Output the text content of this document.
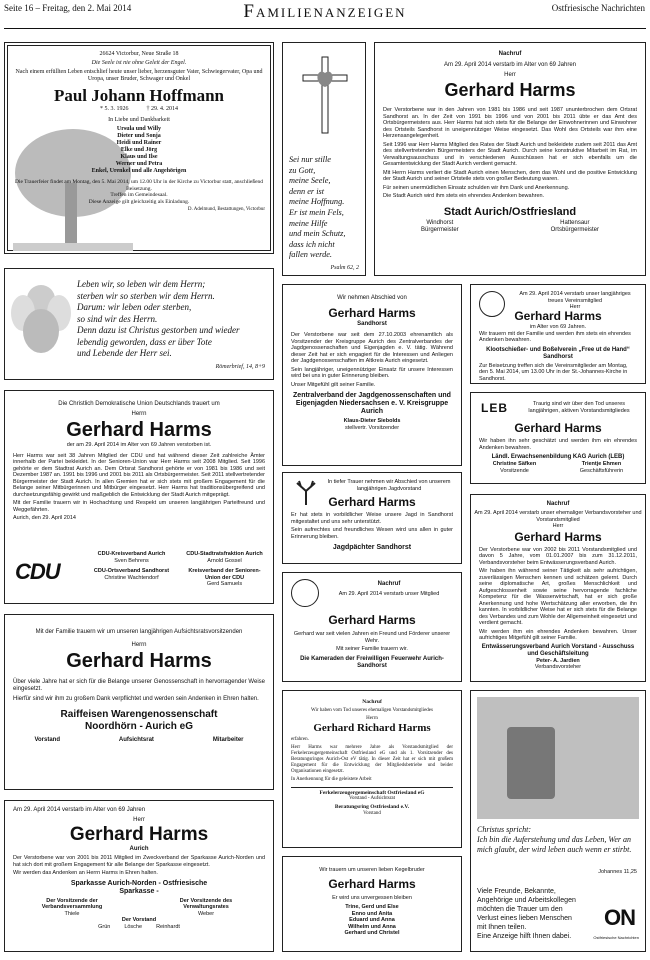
Seite 16 – Freitag, den 2. Mai 2014	Familienanzeigen	Ostfriesische Nachrichten
26624 Victorbur, Neue Straße 18
Die Seele ist nie ohne Geleit der Engel.
Nach einem erfüllten Leben entschlief heute unser lieber, herzensguter Vater, Schwiegervater, Opa und Uropa, unser Bruder, Schwager und Onkel
Paul Johann Hoffmann
* 5. 3. 1926	† 29. 4. 2014
In Liebe und Dankbarkeit
Ursula und Willy
Dieter und Sonja
Heidi und Rainer
Elke und Jörg
Klaus und Ilse
Werner und Petra
Enkel, Urenkel und alle Angehörigen
Die Trauerfeier findet am Montag, den 5. Mai 2014, um 12.00 Uhr in der Kirche zu Victorbur statt, anschließend Beisetzung.
Treffen im Gemeindesaal.
Diese Anzeige gilt gleichzeitig als Einladung.
D. Adelmund, Bestattungen, Victorbur
Sei nur stille
zu Gott,
meine Seele,
denn er ist
meine Hoffnung.
Er ist mein Fels,
meine Hilfe
und mein Schutz,
dass ich nicht
fallen werde.
Psalm 62, 2
Nachruf
Am 29. April 2014 verstarb im Alter von 69 Jahren
Herr
Gerhard Harms
Der Verstorbene war in den Jahren von 1981 bis 1986 und seit 1987 ununterbrochen dem Ortsrat Sandhorst an. In der Zeit von 1991 bis 1996 und von 2001 bis 2011 übte er das Amt des Ortsbürgermeisters aus. Herr Harms hat sich stets für die Belange der Einwohnerinnen und Einwohner des Ortsteils Sandhorst in uneigennütziger Weise eingesetzt. Das Wohl des Ortsteils war ihm eine Herzensangelegenheit.
Seit 1996 war Herr Harms Mitglied des Rates der Stadt Aurich und bekleidete zudem seit 2011 das Amt des stellvertretenden Bürgermeisters der Stadt Aurich. Durch seine konstruktive Mitarbeit im Rat, im Verwaltungsausschuss und in verschiedenen Ausschüssen hat er sich ebenfalls um die Gesamtentwicklung der Stadt Aurich verdient gemacht.
Mit Herrn Harms verliert die Stadt Aurich einen Menschen, dem das Wohl und die positive Entwicklung der Stadt Aurich und seiner Ortsteile stets von großer Bedeutung waren.
Für seinen unermüdlichen Einsatz schulden wir ihm Dank und Anerkennung.
Die Stadt Aurich wird ihm stets ein ehrendes Andenken bewahren.
Stadt Aurich/Ostfriesland
Windhorst
Bürgermeister
Hattensaur
Ortsbürgermeister
Leben wir, so leben wir dem Herrn;
sterben wir so sterben wir dem Herrn.
Darum: wir leben oder sterben,
so sind wir des Herrn.
Denn dazu ist Christus gestorben und wieder
lebendig geworden, dass er über Tote
und Lebende der Herr sei.
Römerbrief, 14, 8+9
Wir nehmen Abschied von
Gerhard Harms
Sandhorst
Der Verstorbene war seit dem 27.10.2003 ehrenamtlich als Vorsitzender der Kreisgruppe Aurich des Zentralverbandes der Jagdgenossenschaften und Eigenjagden e. V. tätig. Während dieser Zeit hat er sich engagiert für die Interessen und Anliegen der Jagdgenossenschaften im Altkreis Aurich eingesetzt.
Sein langjähriger, uneigennütziger Einsatz für unsere Interessen wird bei uns in guter Erinnerung bleiben.
Unser Mitgefühl gilt seiner Familie.
Zentralverband der Jagdgenossenschaften und Eigenjagden Niedersachsen e. V. Kreisgruppe Aurich
Klaus-Dieter Siebolds
stellvertr. Vorsitzender
Am 29. April 2014 verstarb unser langjähriges treues Vereinsmitglied
Herr
Gerhard Harms
im Alter von 69 Jahren.
Wir trauern mit der Familie und werden ihm stets ein ehrendes Andenken bewahren.
Klootschießer- und Boßelverein „Free ut de Hand“ Sandhorst
Zur Beisetzung treffen sich die Vereinsmitglieder am Montag, den 5. Mai 2014, um 13.00 Uhr in der St.-Johannes-Kirche in Sandhorst.
Die Christlich Demokratische Union Deutschlands trauert um
Herrn
Gerhard Harms
der am 29. April 2014 im Alter von 69 Jahren verstorben ist.
Herr Harms war seit 38 Jahren Mitglied der CDU und hat während dieser Zeit zahlreiche Ämter innerhalb der Partei bekleidet. In der Senioren-Union war Herr Harms seit 2008 Mitglied. Seit 1996 gehörte er dem Stadtrat Aurich an. Dem Ortsrat Sandhorst gehörte er von 1981 bis 1986 und seit Dezember 1987 an. 1991 bis 1996 und 2001 bis 2011 als Ortsbürgermeister. Seit 2011 stellvertretender Bürgermeister der Stadt Aurich. In allen Gremien hat er sich stets mit großem Engagement für die Belange seiner Mitbürgerinnen und Mitbürger eingesetzt. Herr Harms hat traditionsübergreifend und durchsetzungsfähig gewirkt und maßgeblich die Entwicklung der Stadt Aurich mitgeprägt.
Mit der Familie trauern wir in Hochachtung und Respekt um unseren langjährigen Parteifreund und Weggefährten.
Aurich, den 29. April 2014
CDU
CDU-Kreisverband Aurich
Sven Behrens
CDU-Stadtratsfraktion Aurich
Arnold Gossel
CDU-Ortsverband Sandhorst
Christine Wachtendorf
Kreisverband der Senioren-Union der CDU
Gerd Samuels
LEB	Traurig sind wir über den Tod unseres langjährigen, aktiven Vorstandsmitgliedes
Gerhard Harms
Wir haben ihn sehr geschätzt und werden ihm ein ehrendes Andenken bewahren.
Ländl. Erwachsenenbildung KAG Aurich (LEB)
Christine Säfken
Vorsitzende
Trientje Ehmen
Geschäftsführerin
In tiefer Trauer nehmen wir Abschied von unserem langjährigen Jagdvorstand
Gerhard Harms
Er hat stets in vorbildlicher Weise unsere Jagd in Sandhorst mitgestaltet und uns sehr unterstützt.
Sein aufrechtes und freundliches Wesen wird uns allen in guter Erinnerung bleiben.
Jagdpächter Sandhorst
Nachruf
Am 29. April 2014 verstarb unser ehemaliger Verbandsvorsteher und Vorstandsmitglied
Herr
Gerhard Harms
Der Verstorbene war von 2002 bis 2011 Vorstandsmitglied und davon 5 Jahre, vom 01.01.2007 bis zum 31.12.2011, Verbandsvorsteher beim Entwässerungsverband Aurich.
Wir haben ihn während seiner Tätigkeit als sehr aufrichtigen, zuverlässigen Menschen kennen und schätzen gelernt. Durch seine diplomatische Art, großes Menschlichkeit und Aufgeschlossenheit sowie seine hervorragende fachliche Kompetenz für die Wasserwirtschaft, hat er sich große Anerkennung und hohe Wertschätzung aller erworben, die ihn kannten. In vorbildlicher Weise hat er sich stets für die Belange des Verbandes und zum Wohle der Allgemeinheit eingesetzt und verdient gemacht.
Wir werden ihm ein ehrendes Andenken bewahren. Unser aufrichtiges Mitgefühl gilt seiner Familie.
Entwässerungsverband Aurich Vorstand - Ausschuss und Geschäftsleitung
Peter- A. Jardien
Verbandsvorsteher
Nachruf
Am 29. April 2014 verstarb unser Mitglied
Gerhard Harms
Gerhard war seit vielen Jahren ein Freund und Förderer unserer Wehr.
Mit seiner Familie trauern wir.
Die Kameraden der Freiwilligen Feuerwehr Aurich-Sandhorst
Mit der Familie trauern wir um unseren langjährigen Aufsichtsratsvorsitzenden
Herrn
Gerhard Harms
Über viele Jahre hat er sich für die Belange unserer Genossenschaft in hervorragender Weise eingesetzt.
Hierfür sind wir ihm zu großem Dank verpflichtet und werden sein Andenken in Ehren halten.
Raiffeisen Warengenossenschaft Noordhörn - Aurich eG
Vorstand	Aufsichtsrat	Mitarbeiter
Nachruf
Wir haben vom Tod unseres ehemaligen Vorstandsmitgliedes
Herrn
Gerhard Richard Harms
erfahren.
Herr Harms war mehrere Jahre als Vorstandsmitglied der Ferkelerzeugergemeinschaft Ostfriesland eG und als 1. Vorsitzender des Beratungsringes Aurich-Ost eV tätig. In dieser Zeit hat er sich mit großem Engagement für die Entwicklung der Mitgliedsbetriebe und beider Organisationen eingesetzt.
In Anerkennung für die geleistete Arbeit
Ferkelerzeugergemeinschaft Ostfriesland eG
Vorstand - Aufsichtsrat
Beratungsring Ostfriesland e.V.
Vorstand
Christus spricht:
Ich bin die Auferstehung und das Leben, Wer an mich glaubt, der wird leben auch wenn er stirbt.
Johannes 11,25
Viele Freunde, Bekannte,
Angehörige und Arbeitskollegen
möchten die Trauer um den
Verlust eines lieben Menschen
mit Ihnen teilen.
Eine Anzeige hilft Ihnen dabei.
ON
Ostfriesische Nachrichten
Am 29. April 2014 verstarb im Alter von 69 Jahren
Herr
Gerhard Harms
Aurich
Der Verstorbene war von 2001 bis 2011 Mitglied im Zweckverband der Sparkasse Aurich-Norden und hat sich dort mit großem Engagement für alle Belange der Sparkasse eingesetzt.
Wir werden das Andenken an Herrn Harms in Ehren halten.
Sparkasse Aurich-Norden - Ostfriesische Sparkasse -
Der Vorsitzende der Verbandsversammlung
Thiele
Der Vorsitzende des Verwaltungsrates
Weber
Der Vorstand
Grün	Lösche	Reinhardt
Wir trauern um unseren lieben Kegelbruder
Gerhard Harms
Er wird uns unvergessen bleiben
Trine, Gerd und Else
Enno und Anita
Eduard und Anna
Wilhelm und Anna
Gerhard und Christel
